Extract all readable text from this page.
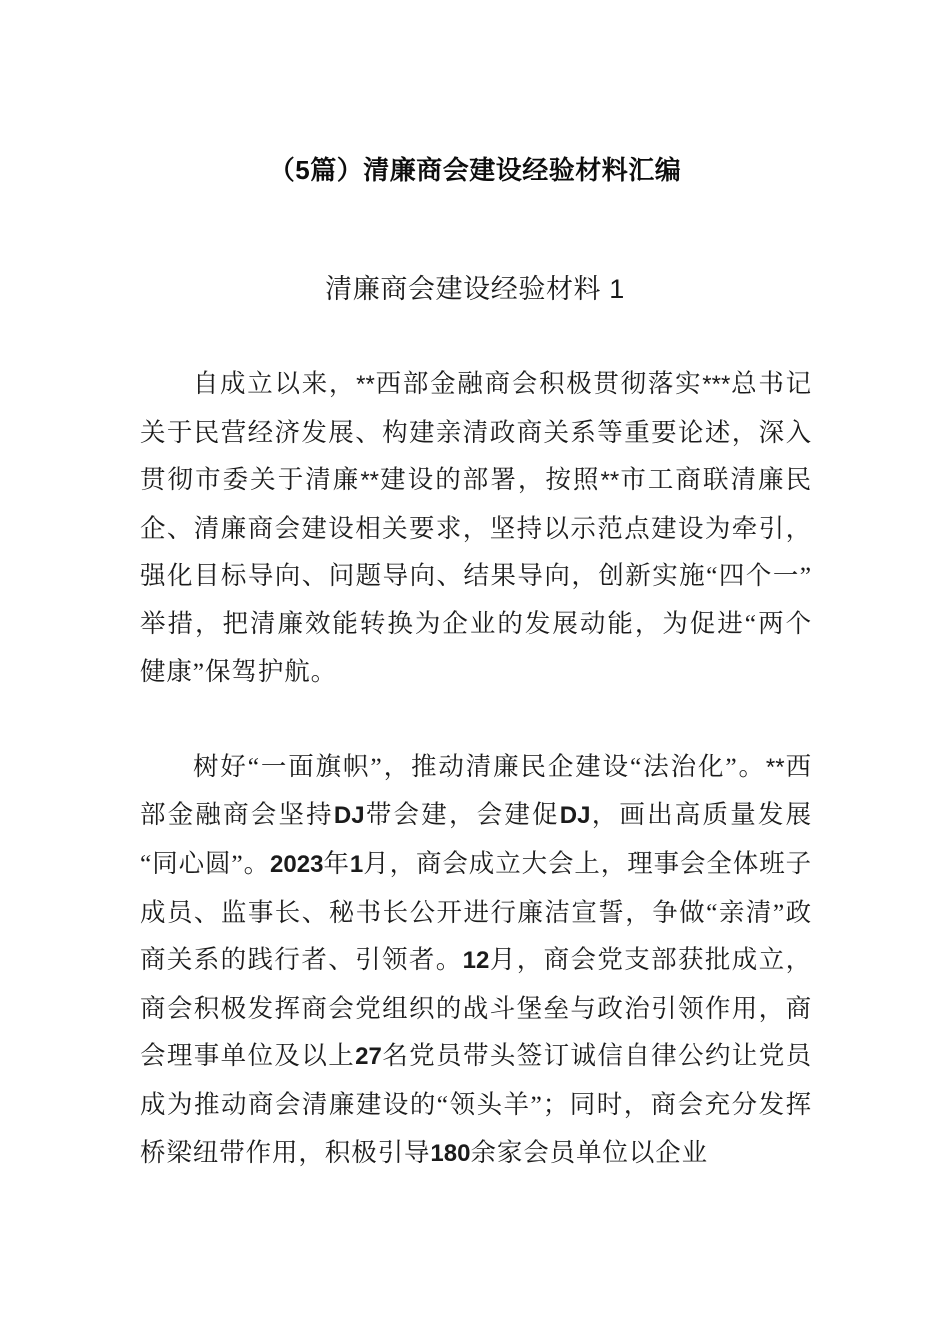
（5篇）清廉商会建设经验材料汇编
清廉商会建设经验材料 1

自成立以来，**西部金融商会积极贯彻落实***总书记关于民营经济发展、构建亲清政商关系等重要论述，深入贯彻市委关于清廉**建设的部署，按照**市工商联清廉民企、清廉商会建设相关要求，坚持以示范点建设为牵引，强化目标导向、问题导向、结果导向，创新实施“四个一”举措，把清廉效能转换为企业的发展动能，为促进“两个健康”保驾护航。

树好“一面旗帜”，推动清廉民企建设“法治化”。**西部金融商会坚持DJ带会建，会建促DJ，画出高质量发展“同心圆”。2023年1月，商会成立大会上，理事会全体班子成员、监事长、秘书长公开进行廉洁宣誓，争做“亲清”政商关系的践行者、引领者。12月，商会党支部获批成立，商会积极发挥商会党组织的战斗堡垒与政治引领作用，商会理事单位及以上27名党员带头签订诚信自律公约让党员成为推动商会清廉建设的“领头羊”；同时，商会充分发挥桥梁纽带作用，积极引导180余家会员单位以企业
